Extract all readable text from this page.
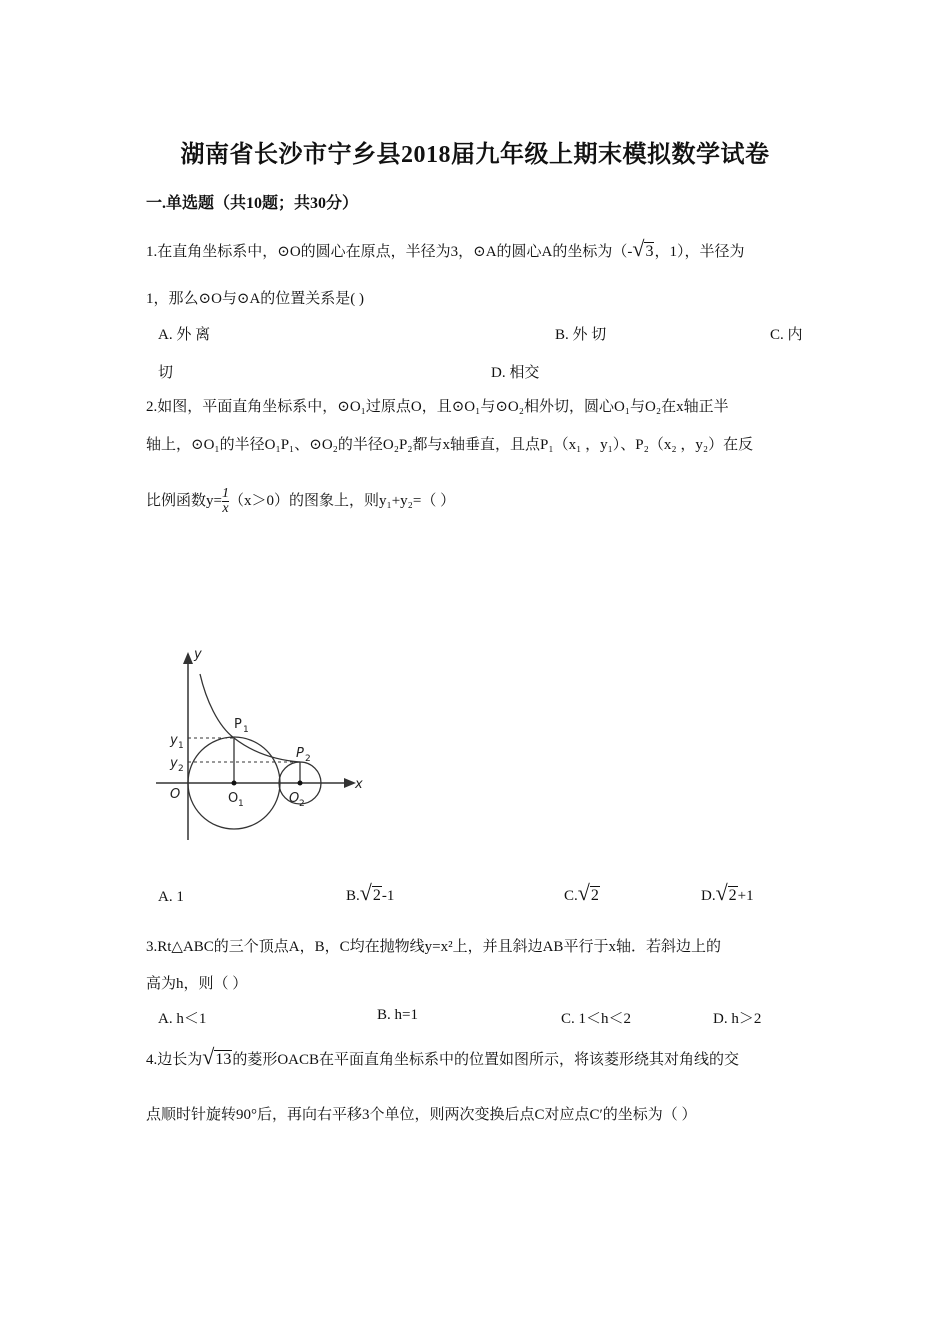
湖南省长沙市宁乡县2018届九年级上期末模拟数学试卷
一.单选题（共10题；共30分）
1.在直角坐标系中，⊙O的圆心在原点，半径为3，⊙A的圆心A的坐标为（-√3，1），半径为
1，那么⊙O与⊙A的位置关系是( )
A. 外 离	B. 外 切	C. 内
切	D. 相交
2.如图，平面直角坐标系中，⊙O₁过原点O，且⊙O₁与⊙O₂相外切，圆心O₁与O₂在x轴正半
轴上，⊙O₁的半径O₁P₁、⊙O₂的半径O₂P₂都与x轴垂直，且点P₁（x₁ ，y₁）、P₂（x₂ ，y₂）在反
比例函数$y= \frac{1}{x} (x>0)$的图象上，则y₁+y₂=（ ）
y
x
O
P 1
P 2
y 1
y 2
O 1	O 2
A. 1	B.√2-1	C.√2	D.√2+1
3.Rt△ABC的三个顶点A，B，C均在抛物线y=x²上，并且斜边AB平行于x轴．若斜边上的
高为h，则（ ）
A. h＜1	B. h=1	C. 1＜h＜2	D. h＞2
4.边长为√13的菱形OACB在平面直角坐标系中的位置如图所示，将该菱形绕其对角线的交
点顺时针旋转90°后，再向右平移3个单位，则两次变换后点C对应点C′的坐标为（ ）
